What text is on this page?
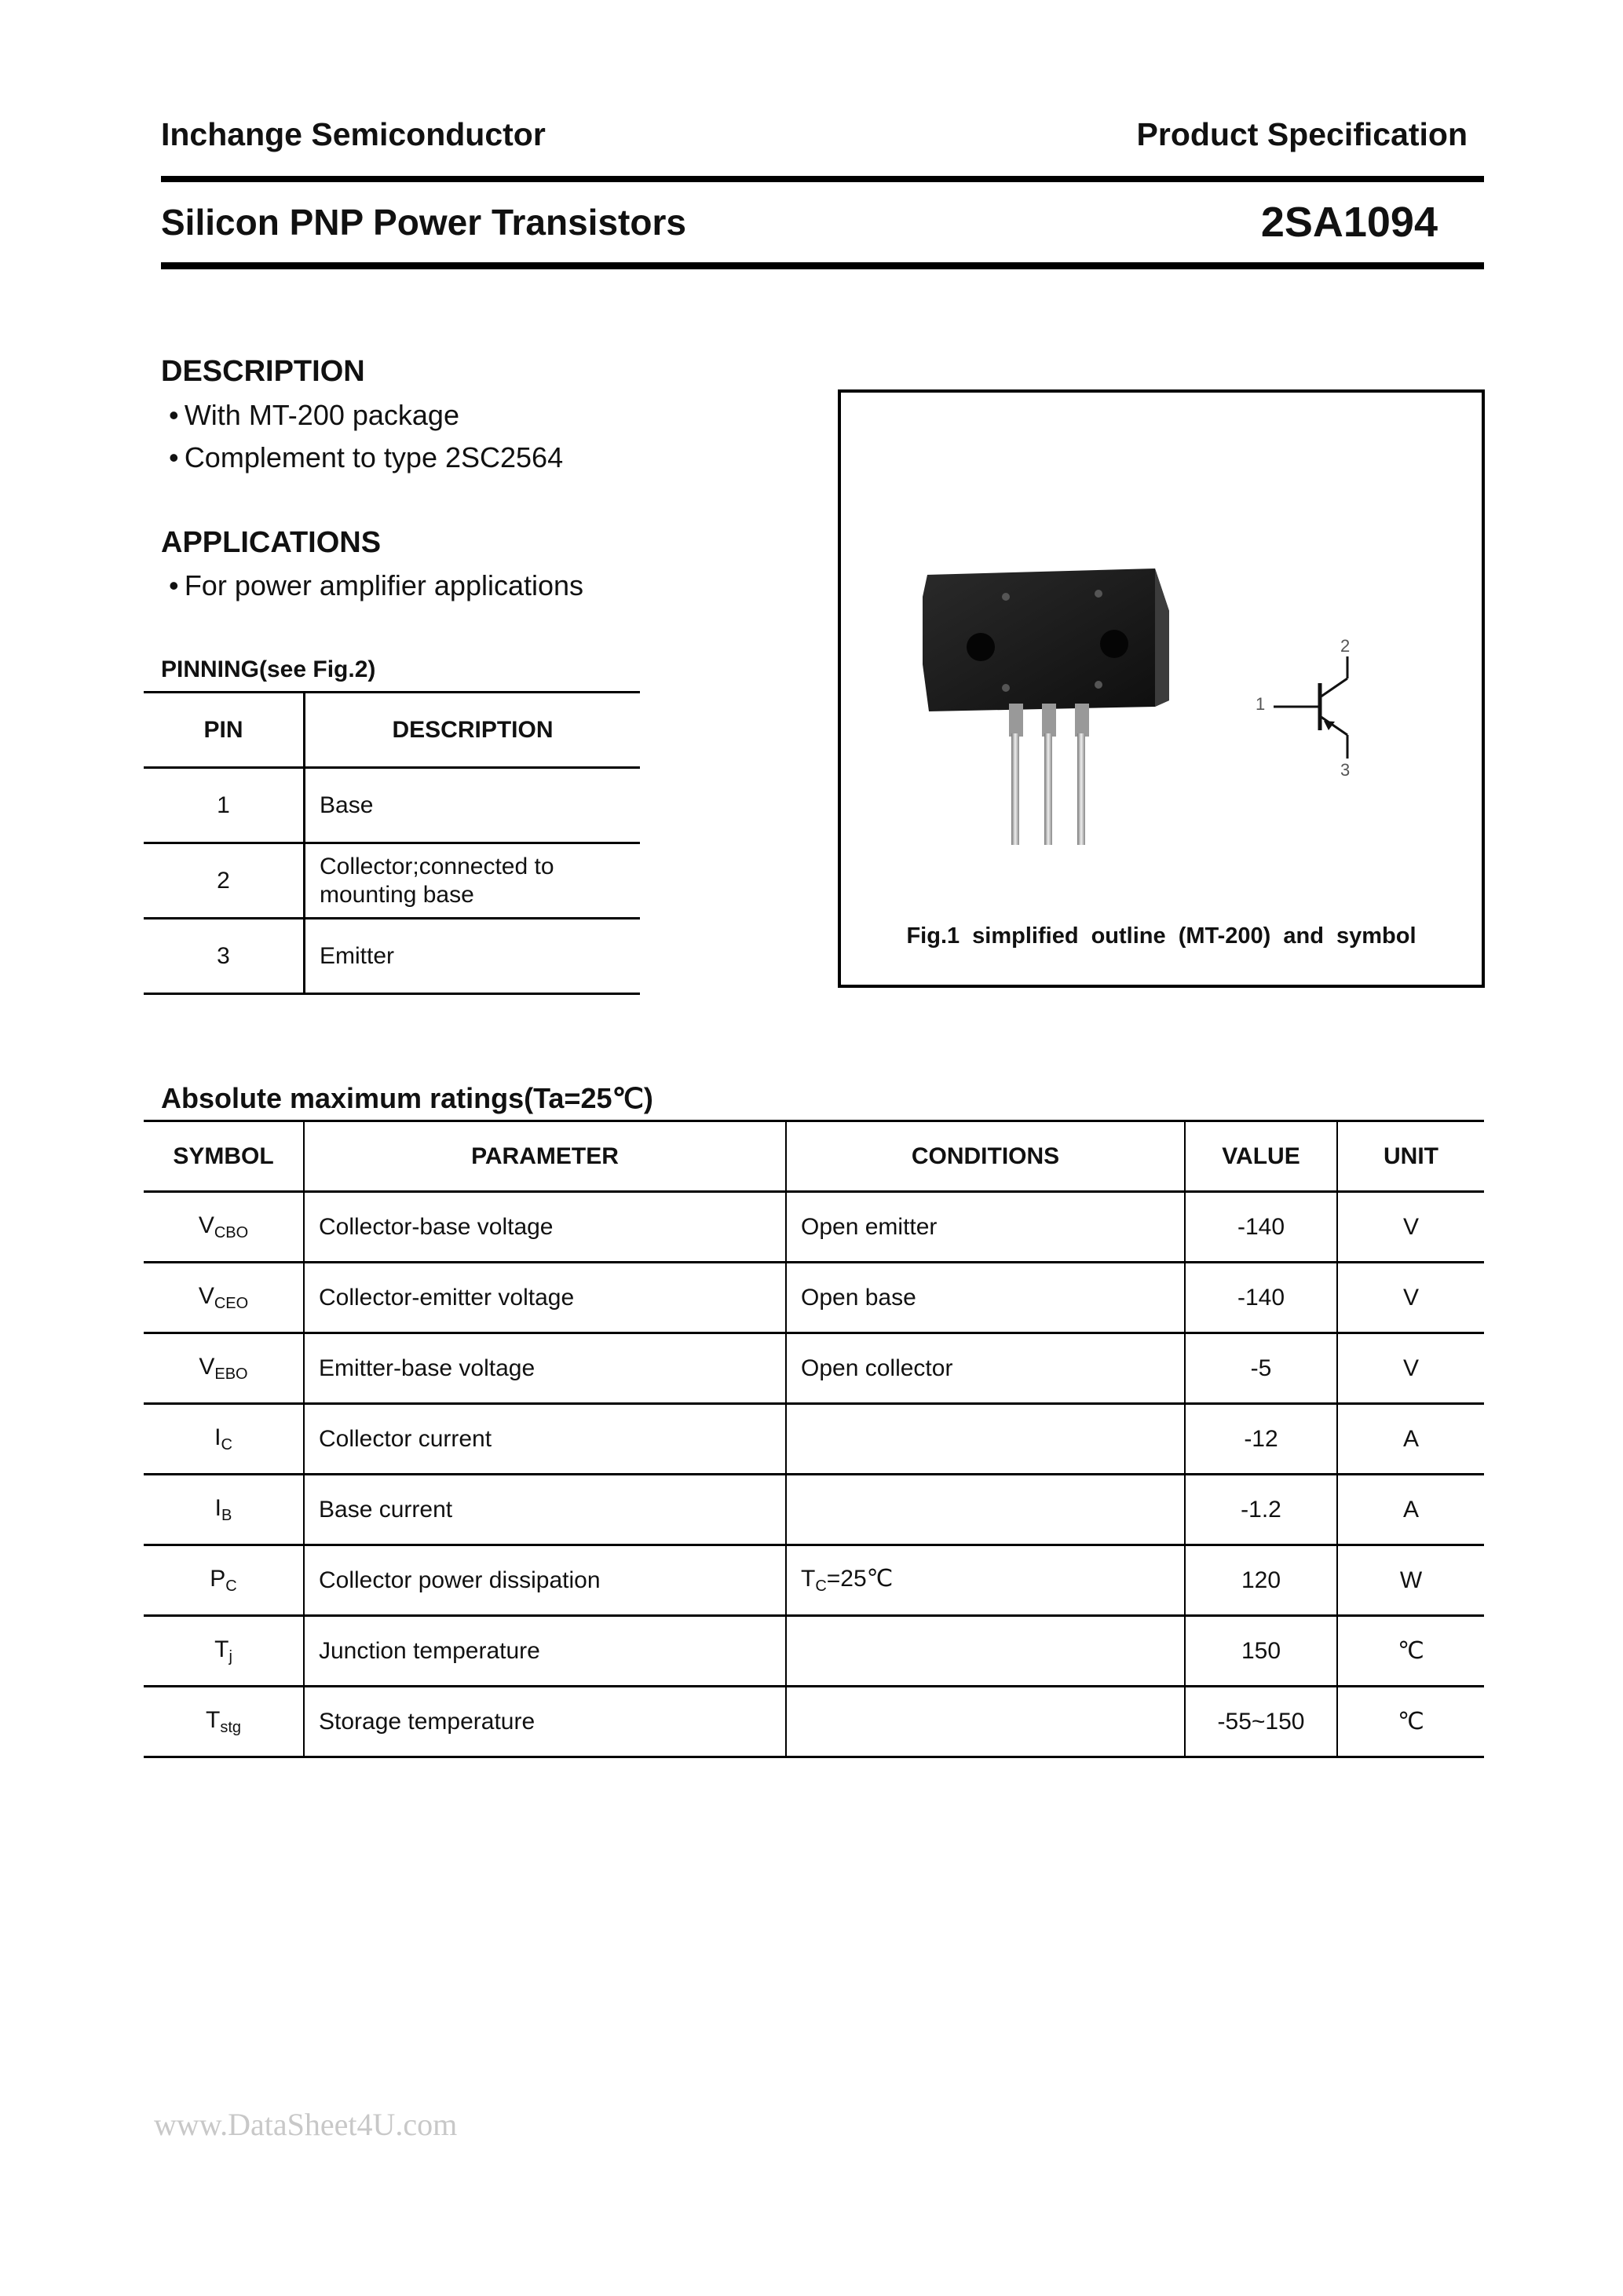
Inchange Semiconductor	Product Specification
Silicon PNP Power Transistors	2SA1094
DESCRIPTION
• With MT-200 package
• Complement to type 2SC2564
APPLICATIONS
• For power amplifier applications
PINNING(see Fig.2)
PIN	DESCRIPTION
1	Base
2	Collector;connected to mounting base
3	Emitter
1
2
3
Fig.1 simplified outline (MT-200) and symbol
Absolute maximum ratings(Ta=25℃)
SYMBOL	PARAMETER	CONDITIONS	VALUE	UNIT
$V_{CBO}$	Collector-base voltage	Open emitter	-140	V
$V_{CEO}$	Collector-emitter voltage	Open base	-140	V
$V_{EBO}$	Emitter-base voltage	Open collector	-5	V
$I_C$	Collector current		-12	A
$I_B$	Base current		-1.2	A
$P_C$	Collector power dissipation	$T_C=25℃$	120	W
$T_j$	Junction temperature		150	℃
$T_{stg}$	Storage temperature		-55~150	℃
www.DataSheet4U.com
